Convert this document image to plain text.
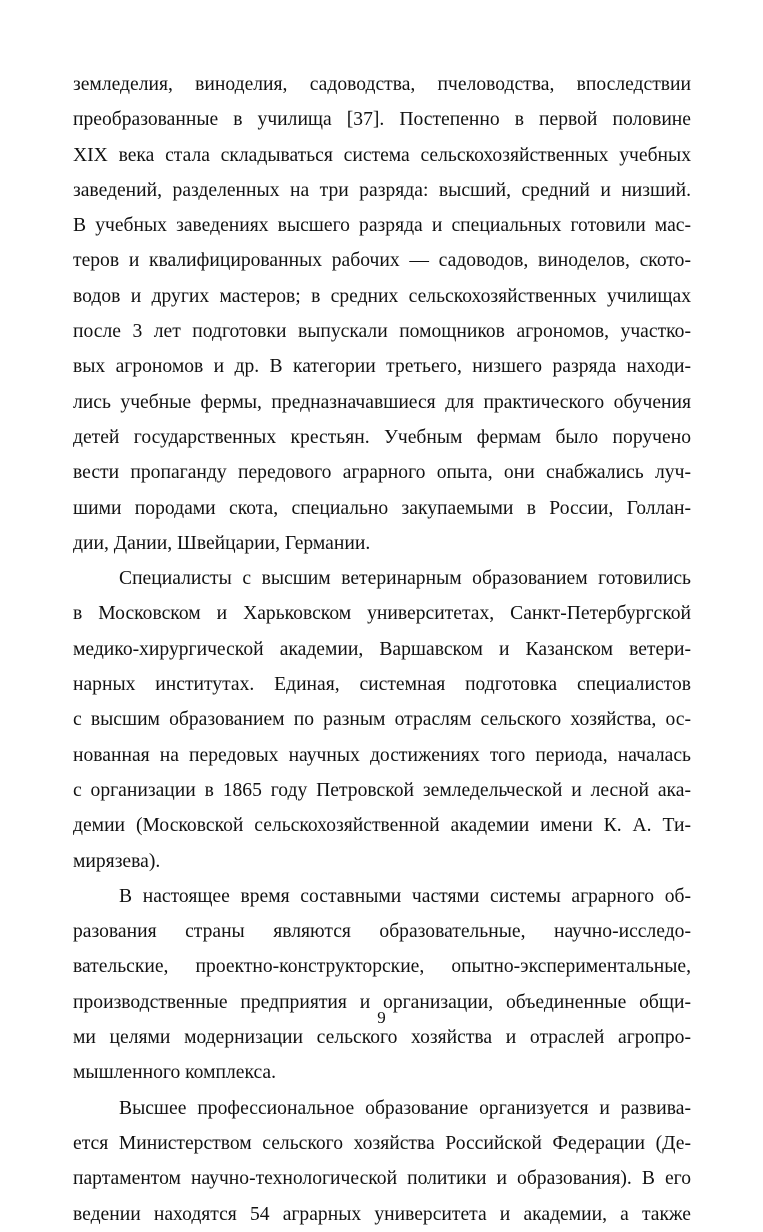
земледелия, виноделия, садоводства, пчеловодства, впоследствии
преобразованные в училища [37]. Постепенно в первой половине
XIX века стала складываться система сельскохозяйственных учебных
заведений, разделенных на три разряда: высший, средний и низший.
В учебных заведениях высшего разряда и специальных готовили мас-
теров и квалифицированных рабочих — садоводов, виноделов, ското-
водов и других мастеров; в средних сельскохозяйственных училищах
после 3 лет подготовки выпускали помощников агрономов, участко-
вых агрономов и др. В категории третьего, низшего разряда находи-
лись учебные фермы, предназначавшиеся для практического обучения
детей государственных крестьян. Учебным фермам было поручено
вести пропаганду передового аграрного опыта, они снабжались луч-
шими породами скота, специально закупаемыми в России, Голлан-
дии, Дании, Швейцарии, Германии.
Специалисты с высшим ветеринарным образованием готовились
в Московском и Харьковском университетах, Санкт-Петербургской
медико-хирургической академии, Варшавском и Казанском ветери-
нарных институтах. Единая, системная подготовка специалистов
с высшим образованием по разным отраслям сельского хозяйства, ос-
нованная на передовых научных достижениях того периода, началась
с организации в 1865 году Петровской земледельческой и лесной ака-
демии (Московской сельскохозяйственной академии имени К. А. Ти-
мирязева).
В настоящее время составными частями системы аграрного об-
разования страны являются образовательные, научно-исследо-
вательские, проектно-конструкторские, опытно-экспериментальные,
производственные предприятия и организации, объединенные общи-
ми целями модернизации сельского хозяйства и отраслей агропро-
мышленного комплекса.
Высшее профессиональное образование организуется и развива-
ется Министерством сельского хозяйства Российской Федерации (Де-
партаментом научно-технологической политики и образования). В его
ведении находятся 54 аграрных университета и академии, а также
9
